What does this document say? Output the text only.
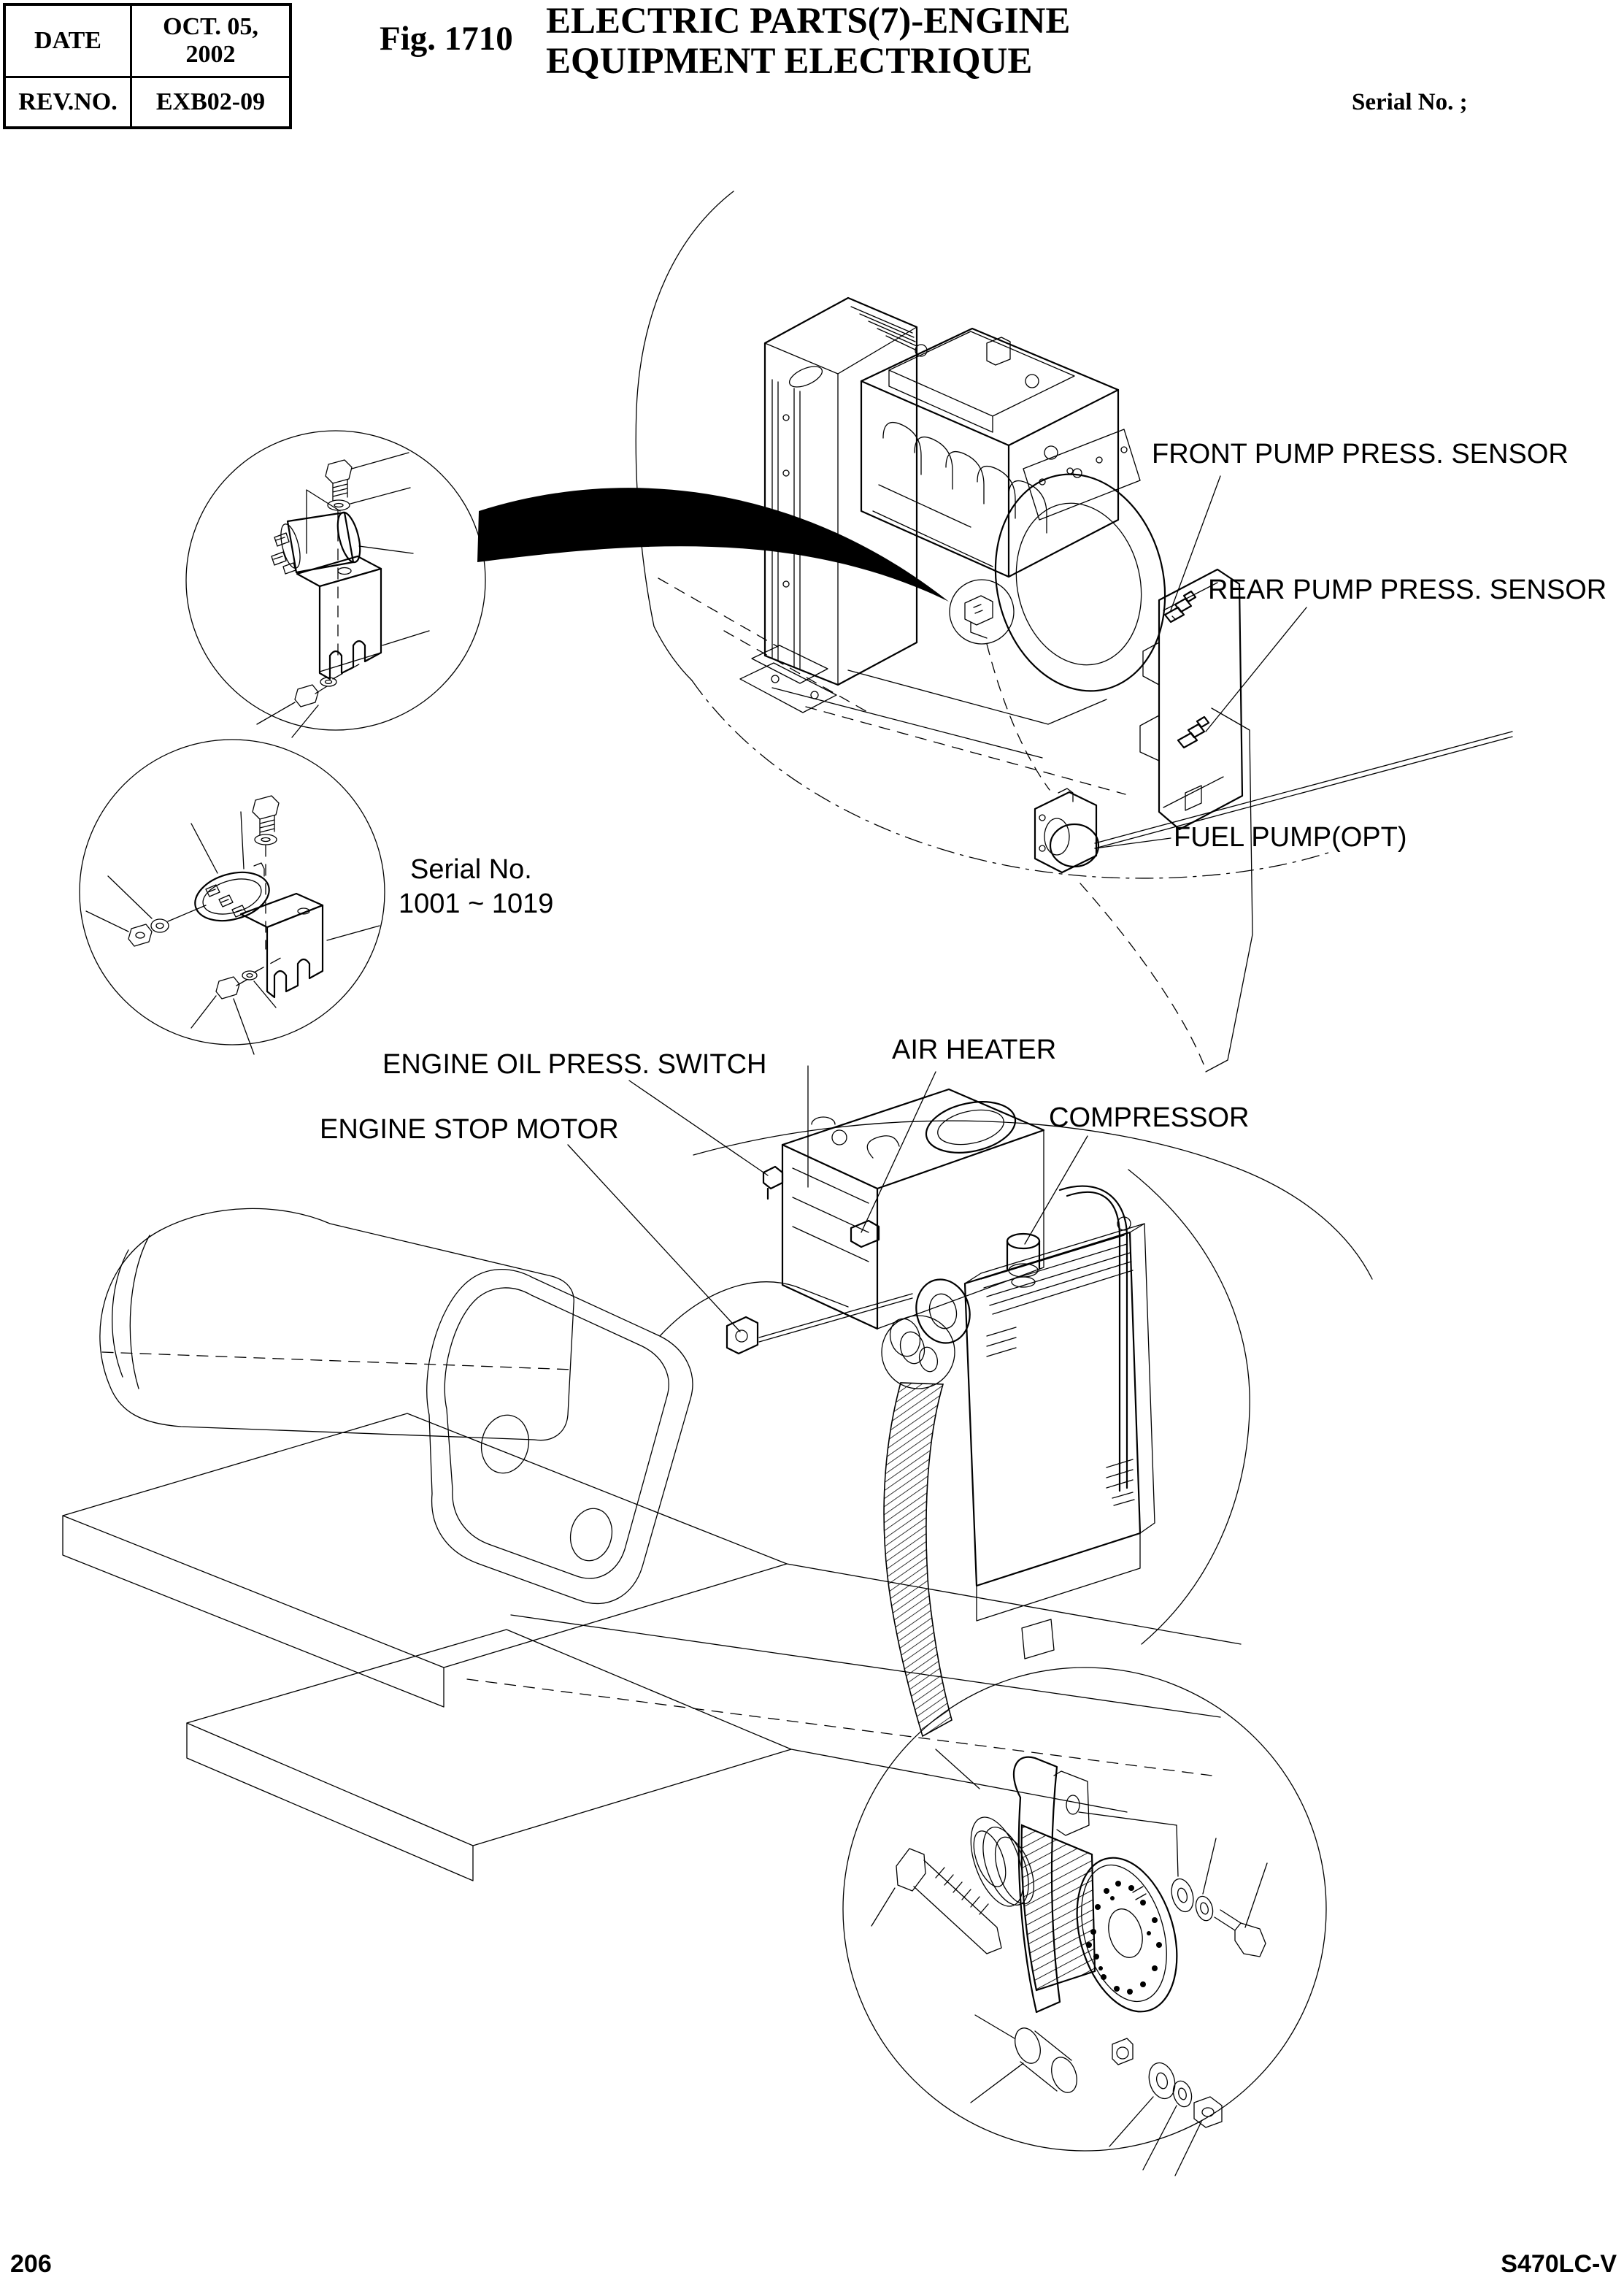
DATE	OCT. 05, 2002
REV.NO.	EXB02-09
Fig. 1710 ELECTRIC PARTS(7)-ENGINE
EQUIPMENT ELECTRIQUE
Serial No. ;
FRONT PUMP PRESS. SENSOR
REAR PUMP PRESS. SENSOR
FUEL PUMP(OPT)
Serial No.
1001 ~ 1019
ENGINE OIL PRESS. SWITCH	AIR HEATER
ENGINE STOP MOTOR	COMPRESSOR
206	S470LC-V
